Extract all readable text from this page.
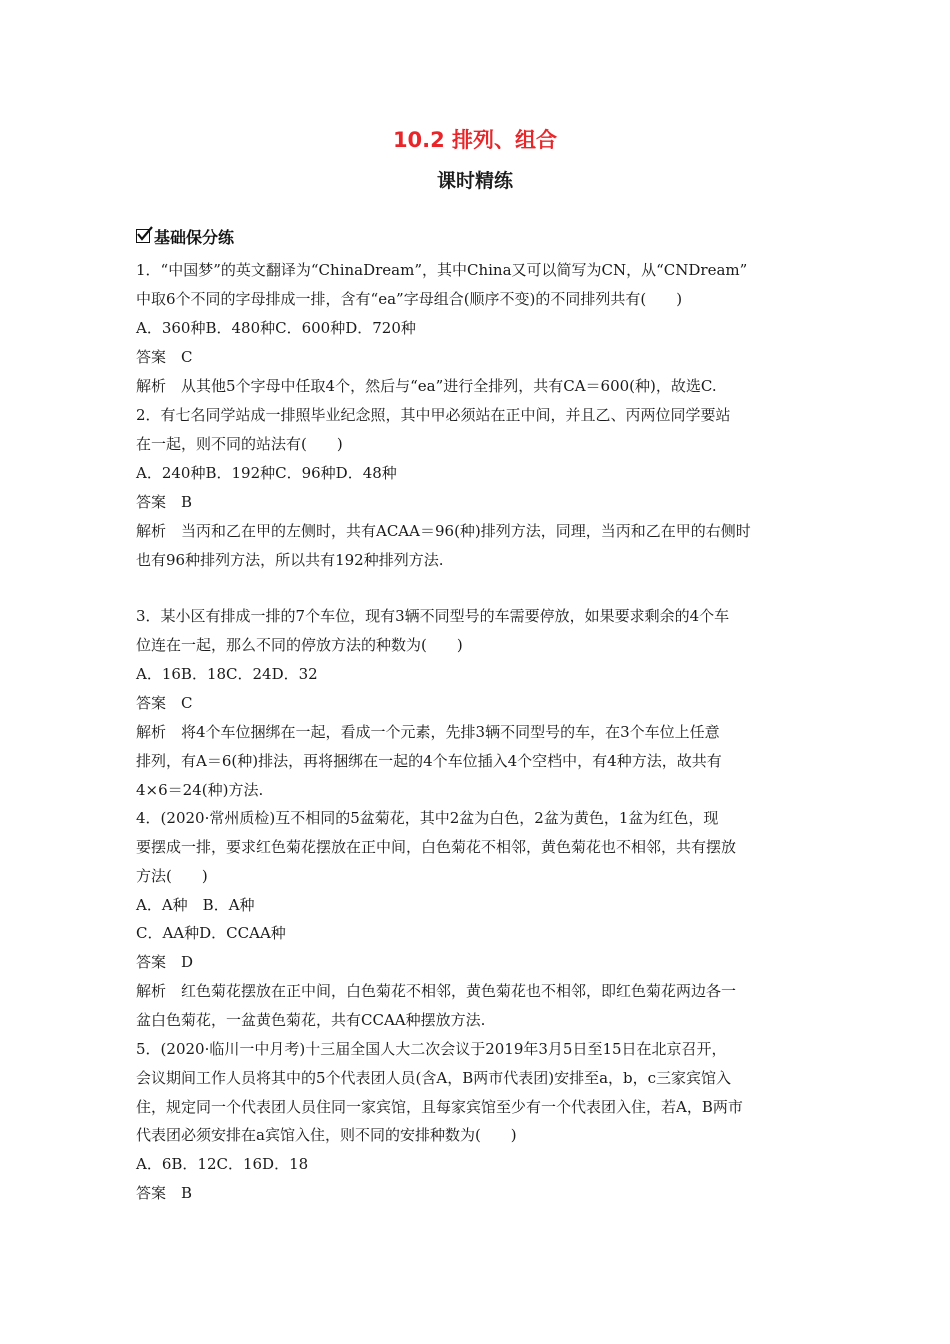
10.2 排列、组合
课时精练
基础保分练
1．“中国梦”的英文翻译为“ChinaDream”，其中China又可以简写为CN，从“CNDream”
中取6个不同的字母排成一排，含有“ea”字母组合(顺序不变)的不同排列共有(　　)
A．360种B．480种C．600种D．720种
答案　C
解析　从其他5个字母中任取4个，然后与“ea”进行全排列，共有CA＝600(种)，故选C.
2．有七名同学站成一排照毕业纪念照，其中甲必须站在正中间，并且乙、丙两位同学要站
在一起，则不同的站法有(　　)
A．240种B．192种C．96种D．48种
答案　B
解析　当丙和乙在甲的左侧时，共有ACAA＝96(种)排列方法，同理，当丙和乙在甲的右侧时
也有96种排列方法，所以共有192种排列方法.
3．某小区有排成一排的7个车位，现有3辆不同型号的车需要停放，如果要求剩余的4个车
位连在一起，那么不同的停放方法的种数为(　　)
A．16B．18C．24D．32
答案　C
解析　将4个车位捆绑在一起，看成一个元素，先排3辆不同型号的车，在3个车位上任意
排列，有A＝6(种)排法，再将捆绑在一起的4个车位插入4个空档中，有4种方法，故共有
4×6＝24(种)方法.
4．(2020·常州质检)互不相同的5盆菊花，其中2盆为白色，2盆为黄色，1盆为红色，现
要摆成一排，要求红色菊花摆放在正中间，白色菊花不相邻，黄色菊花也不相邻，共有摆放
方法(　　)
A．A种　B．A种
C．AA种D．CCAA种
答案　D
解析　红色菊花摆放在正中间，白色菊花不相邻，黄色菊花也不相邻，即红色菊花两边各一
盆白色菊花，一盆黄色菊花，共有CCAA种摆放方法.
5．(2020·临川一中月考)十三届全国人大二次会议于2019年3月5日至15日在北京召开，
会议期间工作人员将其中的5个代表团人员(含A，B两市代表团)安排至a，b，c三家宾馆入
住，规定同一个代表团人员住同一家宾馆，且每家宾馆至少有一个代表团入住，若A，B两市
代表团必须安排在a宾馆入住，则不同的安排种数为(　　)
A．6B．12C．16D．18
答案　B
